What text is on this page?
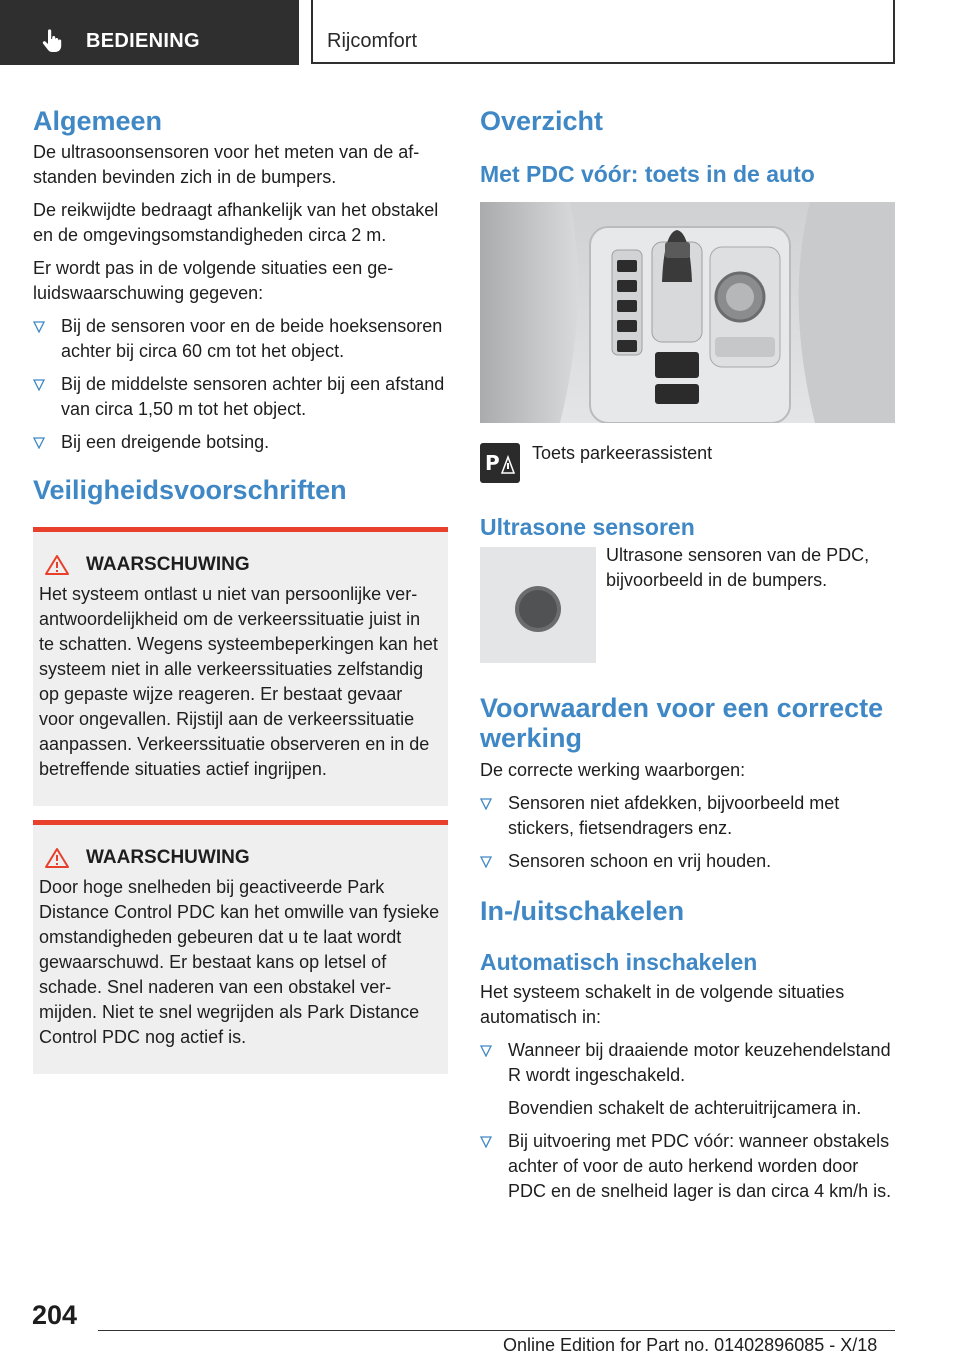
BEDIENING	Rijcomfort
Algemeen

De ultrasoonsensoren voor het meten van de afstanden bevinden zich in de bumpers.

De reikwijdte bedraagt afhankelijk van het obstakel en de omgevingsomstandigheden circa 2 m.

Er wordt pas in de volgende situaties een geluidswaarschuwing gegeven:

Bij de sensoren voor en de beide hoeksensoren achter bij circa 60 cm tot het object.
Bij de middelste sensoren achter bij een afstand van circa 1,50 m tot het object.
Bij een dreigende botsing.
Veiligheidsvoorschriften
WAARSCHUWING

Het systeem ontlast u niet van persoonlijke verantwoordelijkheid om de verkeerssituatie juist in te schatten. Wegens systeembeperkingen kan het systeem niet in alle verkeerssituaties zelfstandig op gepaste wijze reageren. Er bestaat gevaar voor ongevallen. Rijstijl aan de verkeerssituatie aanpassen. Verkeerssituatie observeren en in de betreffende situaties actief ingrijpen.

WAARSCHUWING

Door hoge snelheden bij geactiveerde Park Distance Control PDC kan het omwille van fysieke omstandigheden gebeuren dat u te laat wordt gewaarschuwd. Er bestaat kans op letsel of schade. Snel naderen van een obstakel vermijden. Niet te snel wegrijden als Park Distance Control PDC nog actief is.

Overzicht
Met PDC vóór: toets in de auto
P Toets parkeerassistent

Ultrasone sensoren

Ultrasone sensoren van de PDC, bijvoorbeeld in de bumpers.

Voorwaarden voor een correcte werking

De correcte werking waarborgen:

Sensoren niet afdekken, bijvoorbeeld met stickers, fietsendragers enz.
Sensoren schoon en vrij houden.
In-/uitschakelen
Automatisch inschakelen

Het systeem schakelt in de volgende situaties automatisch in:

Wanneer bij draaiende motor keuzehendelstand R wordt ingeschakeld.
Bovendien schakelt de achteruitrijcamera in.
Bij uitvoering met PDC vóór: wanneer obstakels achter of voor de auto herkend worden door PDC en de snelheid lager is dan circa 4 km/h is.
204
Online Edition for Part no. 01402896085 - X/18
